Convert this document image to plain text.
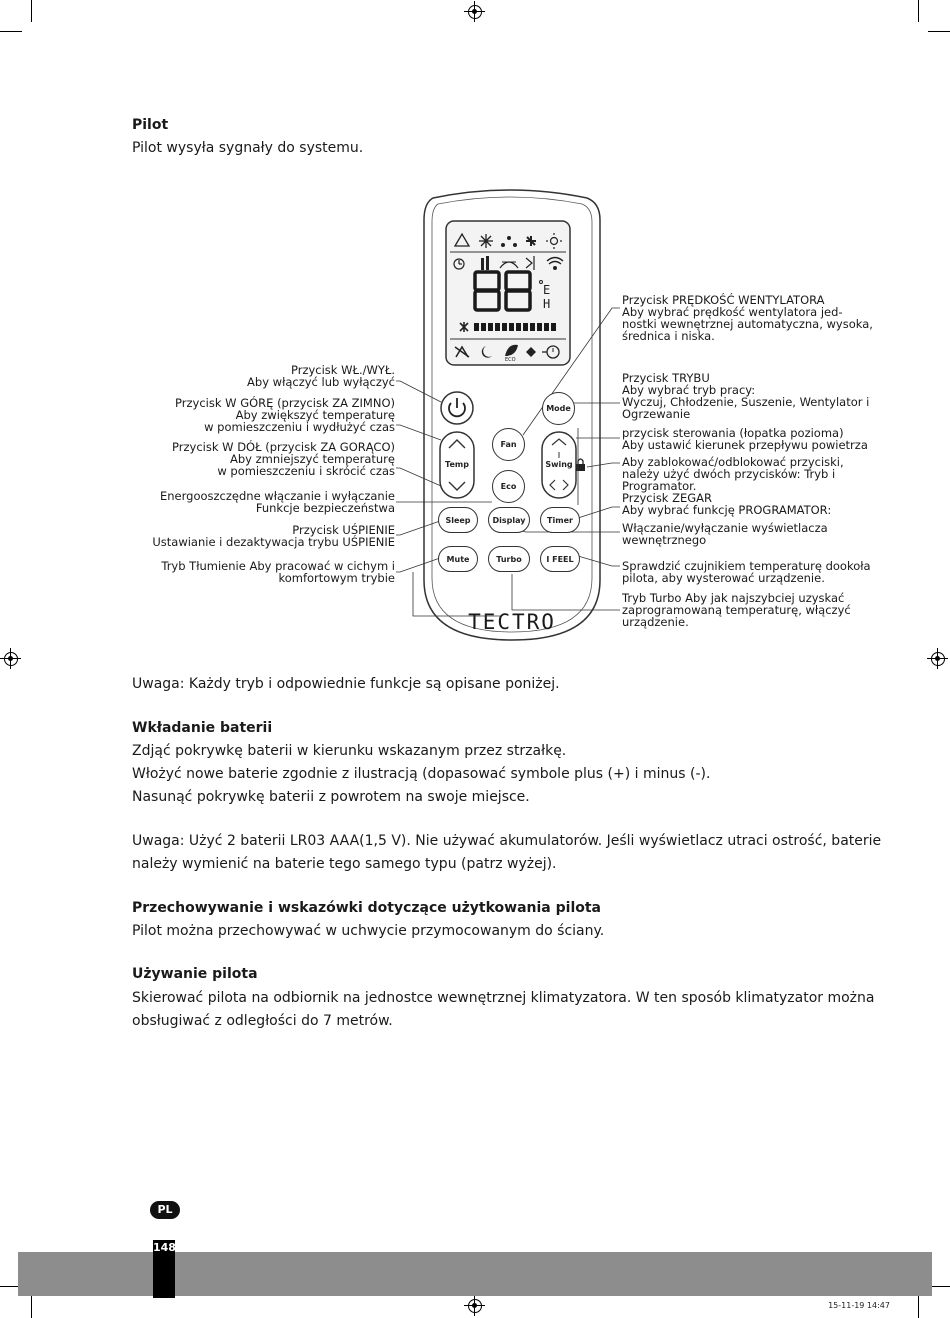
Pilot
Pilot wysyła sygnały do systemu.
E
H
ECO
TECTRO
Fan
Mode
Temp	Swing
Eco
Sleep	Display	Timer
Mute	Turbo	I FEEL
Przycisk WŁ./WYŁ.
Aby włączyć lub wyłączyć
Przycisk W GÓRĘ (przycisk ZA ZIMNO)
Aby zwiększyć temperaturę
w pomieszczeniu i wydłużyć czas
Przycisk W DÓŁ (przycisk ZA GORĄCO)
Aby zmniejszyć temperaturę
w pomieszczeniu i skrócić czas
Energooszczędne włączanie i wyłączanie
Funkcje bezpieczeństwa
Przycisk UŚPIENIE
Ustawianie i dezaktywacja trybu UŚPIENIE
Tryb Tłumienie Aby pracować w cichym i
komfortowym trybie
Przycisk PRĘDKOŚĆ WENTYLATORA
Aby wybrać prędkość wentylatora jed-
nostki wewnętrznej automatyczna, wysoka,
średnica i niska.
Przycisk TRYBU
Aby wybrać tryb pracy:
Wyczuj, Chłodzenie, Suszenie, Wentylator i
Ogrzewanie
przycisk sterowania (łopatka pozioma)
Aby ustawić kierunek przepływu powietrza
Aby zablokować/odblokować przyciski,
należy użyć dwóch przycisków: Tryb i
Programator.
Przycisk ZEGAR
Aby wybrać funkcję PROGRAMATOR:
Włączanie/wyłączanie wyświetlacza
wewnętrznego
Sprawdzić czujnikiem temperaturę dookoła
pilota, aby wysterować urządzenie.
Tryb Turbo Aby jak najszybciej uzyskać
zaprogramowaną temperaturę, włączyć
urządzenie.
Uwaga: Każdy tryb i odpowiednie funkcje są opisane poniżej.
Wkładanie baterii
Zdjąć pokrywkę baterii w kierunku wskazanym przez strzałkę.
Włożyć nowe baterie zgodnie z ilustracją (dopasować symbole plus (+) i minus (-).
Nasunąć pokrywkę baterii z powrotem na swoje miejsce.
Uwaga: Użyć 2 baterii LR03 AAA(1,5 V). Nie używać akumulatorów. Jeśli wyświetlacz utraci ostrość, baterie
należy wymienić na baterie tego samego typu (patrz wyżej).
Przechowywanie i wskazówki dotyczące użytkowania pilota
Pilot można przechowywać w uchwycie przymocowanym do ściany.
Używanie pilota
Skierować pilota na odbiornik na jednostce wewnętrznej klimatyzatora. W ten sposób klimatyzator można
obsługiwać z odległości do 7 metrów.
PL
148
15-11-19 14:47
